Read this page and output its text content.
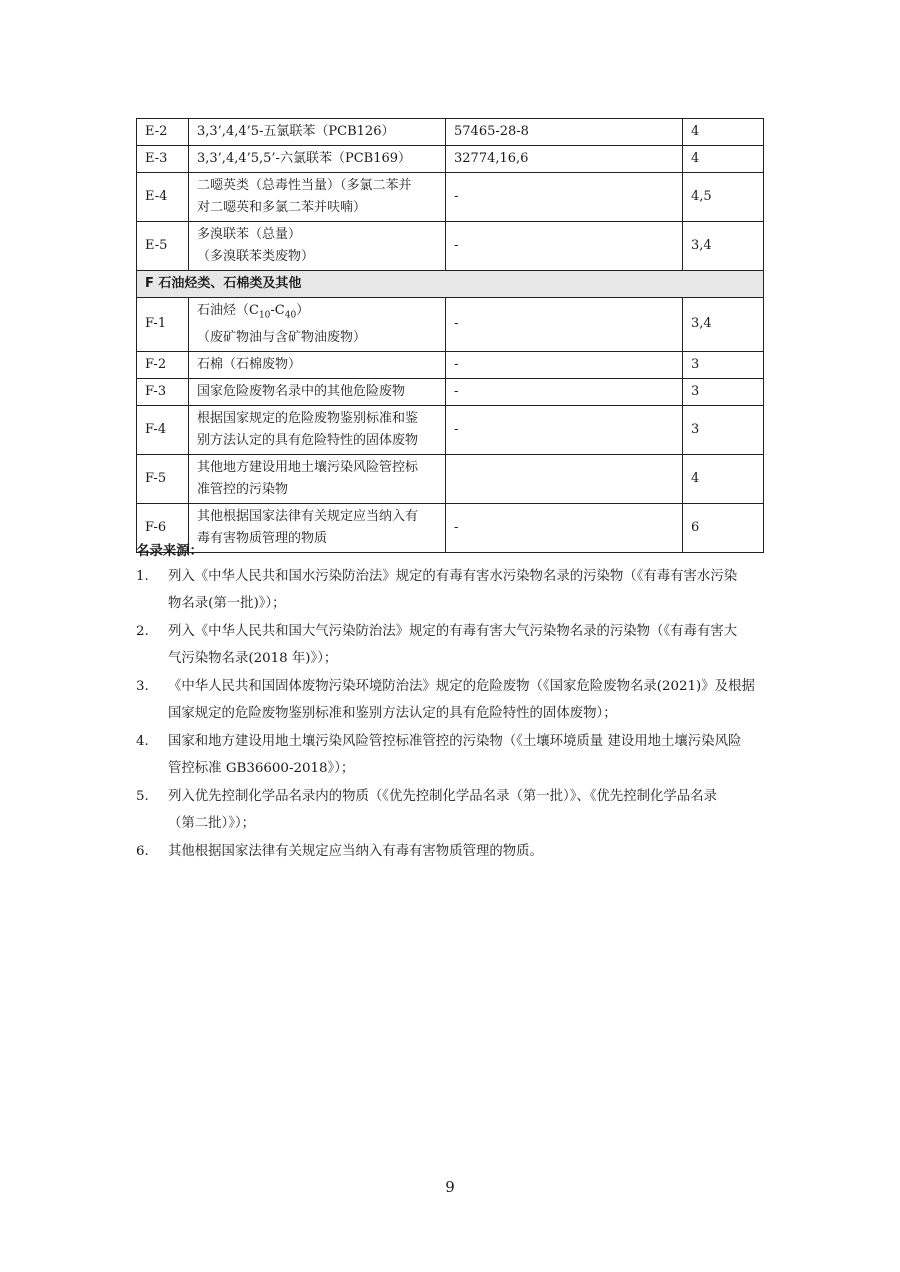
E-2	3,3’,4,4’5-五氯联苯（PCB126）	57465-28-8	4
E-3	3,3’,4,4’5,5’-六氯联苯（PCB169）	32774,16,6	4
E-4	二噁英类（总毒性当量）（多氯二苯并
对二噁英和多氯二苯并呋喃）	-	4,5
E-5	多溴联苯（总量）
（多溴联苯类废物）	-	3,4
F 石油烃类、石棉类及其他			
F-1	石油烃$(C_{10}-C_{40})$
（废矿物油与含矿物油废物）	-	3,4
F-2	石棉（石棉废物）	-	3
F-3	国家危险废物名录中的其他危险废物	-	3
F-4	根据国家规定的危险废物鉴别标准和鉴
别方法认定的具有危险特性的固体废物	-	3
F-5	其他地方建设用地土壤污染风险管控标
准管控的污染物		4
F-6	其他根据国家法律有关规定应当纳入有
毒有害物质管理的物质	-	6
名录来源：
1. 列入《中华人民共和国水污染防治法》规定的有毒有害水污染物名录的污染物（《有毒有害水污染
物名录(第一批)》）；
2. 列入《中华人民共和国大气污染防治法》规定的有毒有害大气污染物名录的污染物（《有毒有害大
气污染物名录(2018 年)》）；
3. 《中华人民共和国固体废物污染环境防治法》规定的危险废物（《国家危险废物名录(2021)》及根据
国家规定的危险废物鉴别标准和鉴别方法认定的具有危险特性的固体废物）；
4. 国家和地方建设用地土壤污染风险管控标准管控的污染物（《土壤环境质量 建设用地土壤污染风险
管控标准 GB36600-2018》）；
5. 列入优先控制化学品名录内的物质（《优先控制化学品名录（第一批）》、《优先控制化学品名录
（第二批）》）；
6. 其他根据国家法律有关规定应当纳入有毒有害物质管理的物质。
9
